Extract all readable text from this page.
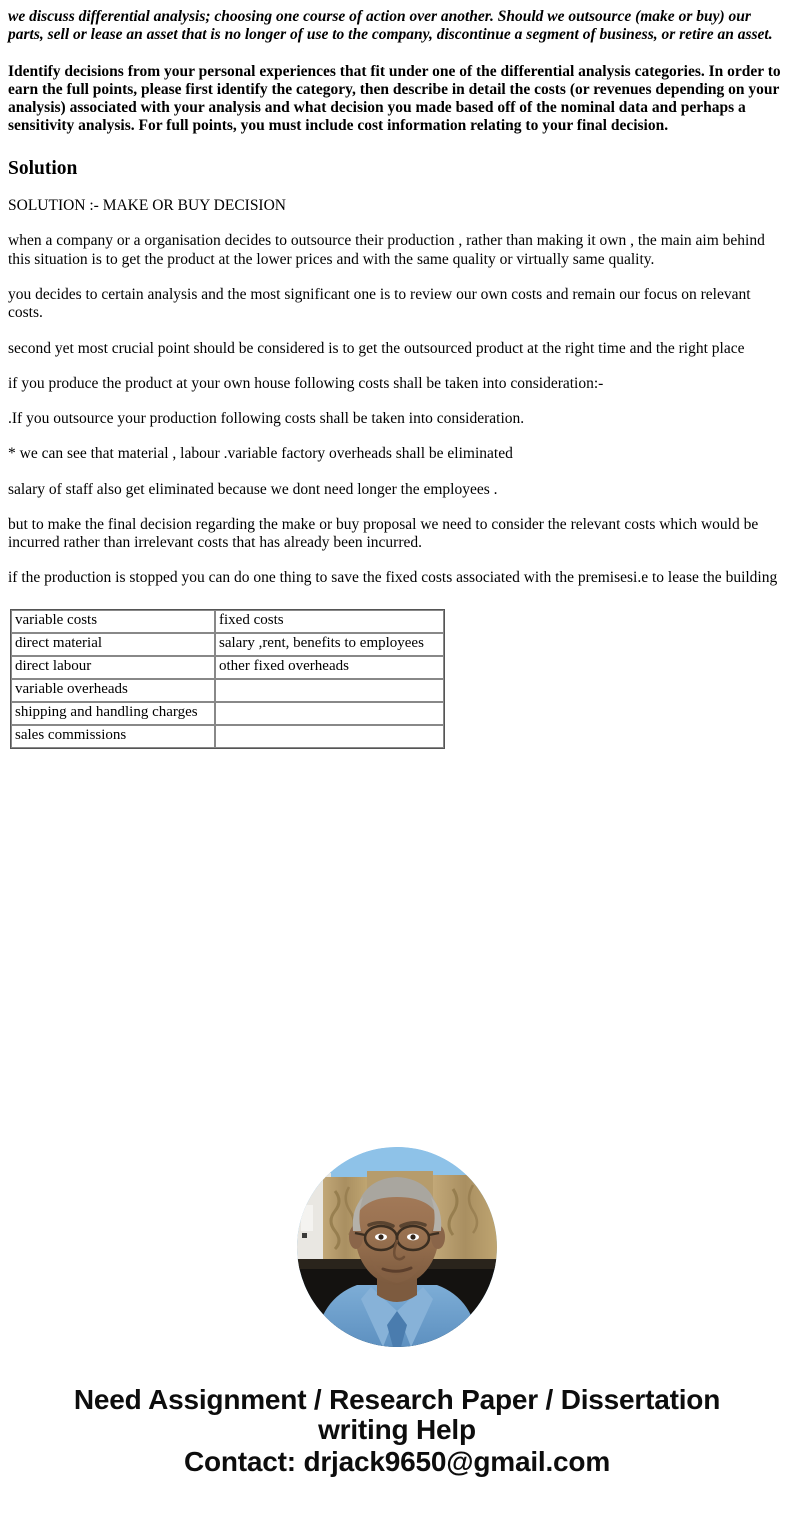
we discuss differential analysis; choosing one course of action over another. Should we outsource (make or buy) our parts, sell or lease an asset that is no longer of use to the company, discontinue a segment of business, or retire an asset.

Identify decisions from your personal experiences that fit under one of the differential analysis categories. In order to earn the full points, please first identify the category, then describe in detail the costs (or revenues depending on your analysis) associated with your analysis and what decision you made based off of the nominal data and perhaps a sensitivity analysis. For full points, you must include cost information relating to your final decision.

Solution

SOLUTION :- MAKE OR BUY DECISION

when a company or a organisation decides to outsource their production , rather than making it own , the main aim behind this situation is to get the product at the lower prices and with the same quality or virtually same quality.

you decides to certain analysis and the most significant one is to review our own costs and remain our focus on relevant costs.

second yet most crucial point should be considered is to get the outsourced product at the right time and the right place

if you produce the product at your own house following costs shall be taken into consideration:-

.If you outsource your production following costs shall be taken into consideration.

* we can see that material , labour .variable factory overheads shall be eliminated

salary of staff also get eliminated because we dont need longer the employees .

but to make the final decision regarding the make or buy proposal we need to consider the relevant costs which would be incurred rather than irrelevant costs that has already been incurred.

if the production is stopped you can do one thing to save the fixed costs associated with the premisesi.e to lease the building

variable costs	fixed costs
direct material	salary ,rent, benefits to employees
direct labour	other fixed overheads
variable overheads	
shipping and handling charges	
sales commissions	
Need Assignment / Research Paper / Dissertation
writing Help
Contact: drjack9650@gmail.com
